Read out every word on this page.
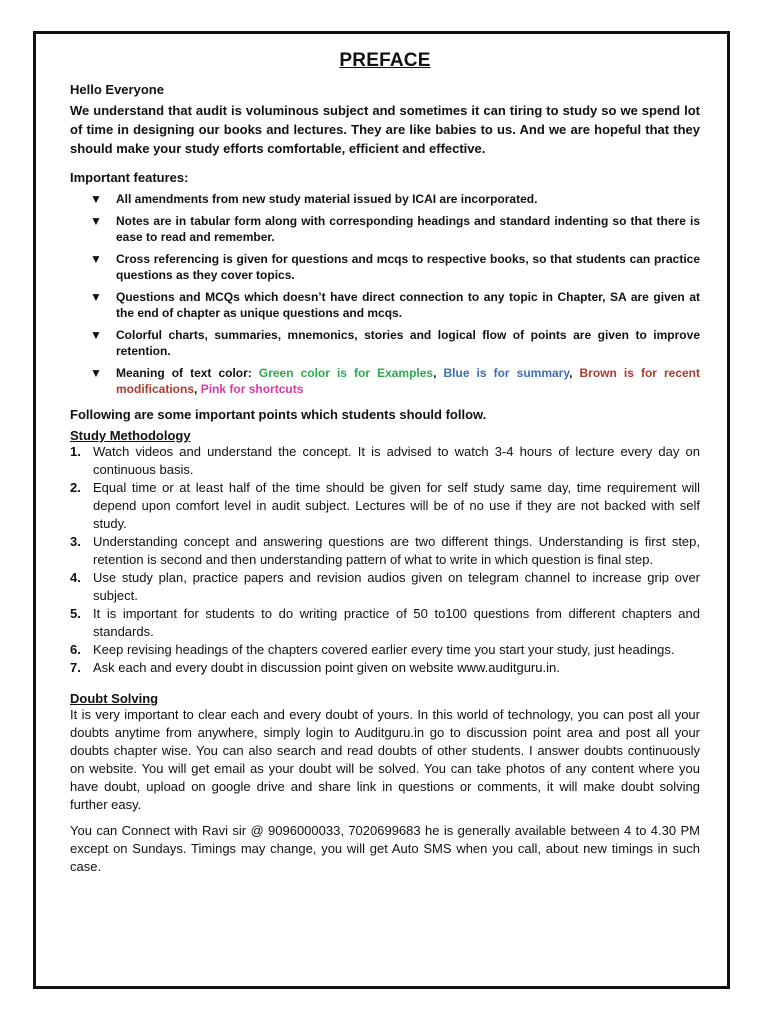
PREFACE

Hello Everyone

We understand that audit is voluminous subject and sometimes it can tiring to study so we spend lot of time in designing our books and lectures. They are like babies to us. And we are hopeful that they should make your study efforts comfortable, efficient and effective.

Important features:

▼ All amendments from new study material issued by ICAI are incorporated.
▼ Notes are in tabular form along with corresponding headings and standard indenting so that there is ease to read and remember.
▼ Cross referencing is given for questions and mcqs to respective books, so that students can practice questions as they cover topics.
▼ Questions and MCQs which doesn’t have direct connection to any topic in Chapter, SA are given at the end of chapter as unique questions and mcqs.
▼ Colorful charts, summaries, mnemonics, stories and logical flow of points are given to improve retention.
▼ Meaning of text color: Green color is for Examples, Blue is for summary, Brown is for recent modifications, Pink for shortcuts

Following are some important points which students should follow.

Study Methodology

1. Watch videos and understand the concept. It is advised to watch 3-4 hours of lecture every day on continuous basis.
2. Equal time or at least half of the time should be given for self study same day, time requirement will depend upon comfort level in audit subject. Lectures will be of no use if they are not backed with self study.
3. Understanding concept and answering questions are two different things. Understanding is first step, retention is second and then understanding pattern of what to write in which question is final step.
4. Use study plan, practice papers and revision audios given on telegram channel to increase grip over subject.
5. It is important for students to do writing practice of 50 to100 questions from different chapters and standards.
6. Keep revising headings of the chapters covered earlier every time you start your study, just headings.
7. Ask each and every doubt in discussion point given on website www.auditguru.in.

Doubt Solving

It is very important to clear each and every doubt of yours. In this world of technology, you can post all your doubts anytime from anywhere, simply login to Auditguru.in go to discussion point area and post all your doubts chapter wise. You can also search and read doubts of other students. I answer doubts continuously on website. You will get email as your doubt will be solved. You can take photos of any content where you have doubt, upload on google drive and share link in questions or comments, it will make doubt solving further easy.

You can Connect with Ravi sir @ 9096000033, 7020699683 he is generally available between 4 to 4.30 PM except on Sundays. Timings may change, you will get Auto SMS when you call, about new timings in such case.
